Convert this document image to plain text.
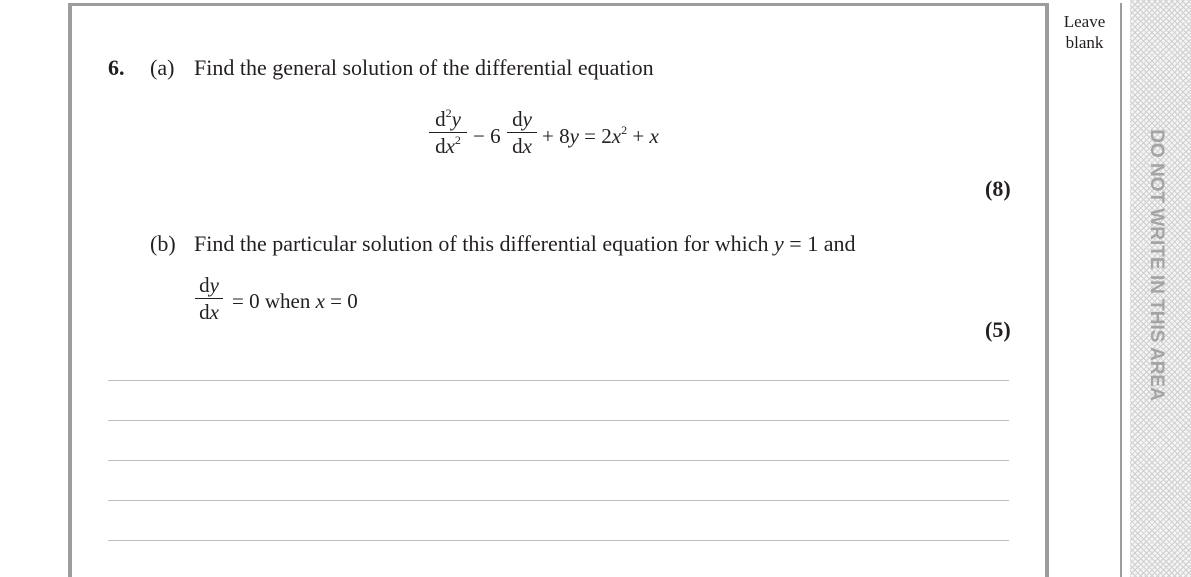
Leave
blank
DO NOT WRITE IN THIS AREA
6. (a) Find the general solution of the differential equation
$d^2y$
$dx^2 - 6$
dy
dx + $8y = 2x^2 + x$
(8)
(b) Find the particular solution of this differential equation for which y = 1 and
dy
dx = 0 when x = 0
(5)
